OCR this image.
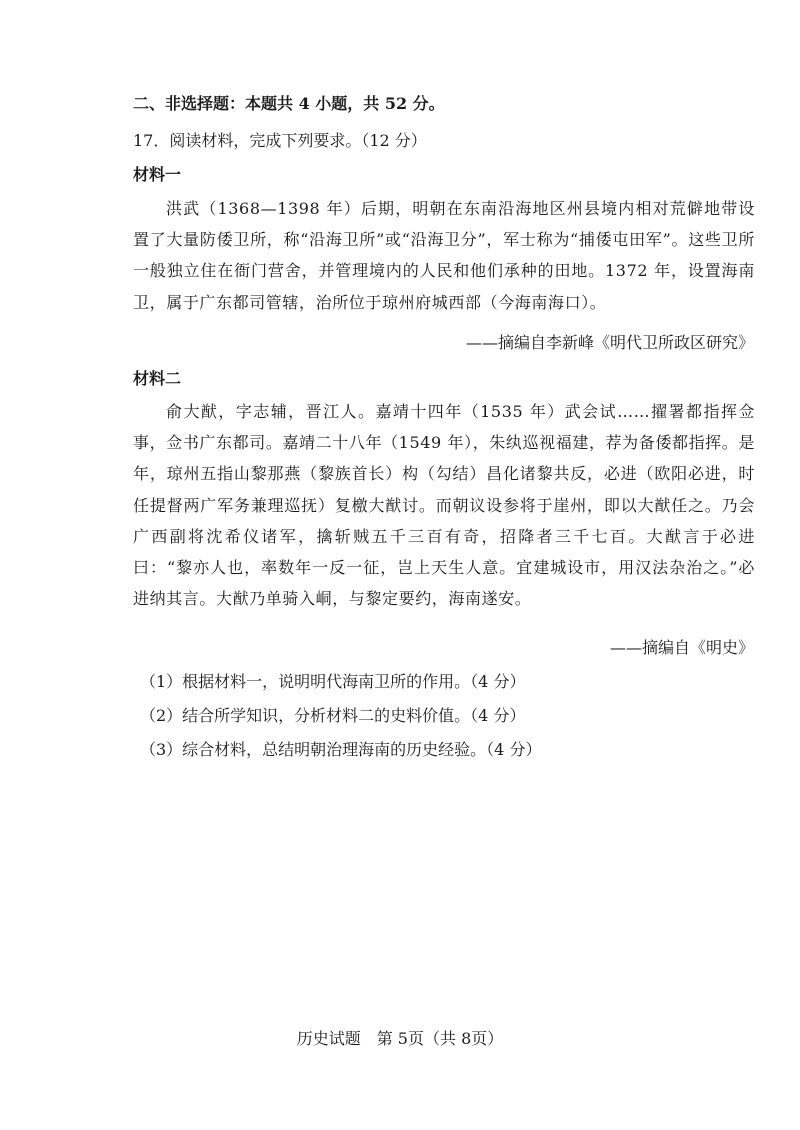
二、非选择题：本题共 4 小题，共 52 分。
17．阅读材料，完成下列要求。（12 分）
材料一
洪武（1368—1398 年）后期，明朝在东南沿海地区州县境内相对荒僻地带设置了大量防倭卫所，称“沿海卫所”或“沿海卫分”，军士称为“捕倭屯田军”。这些卫所一般独立住在衙门营舍，并管理境内的人民和他们承种的田地。1372 年，设置海南卫，属于广东都司管辖，治所位于琼州府城西部（今海南海口）。
——摘编自李新峰《明代卫所政区研究》
材料二
俞大猷，字志辅，晋江人。嘉靖十四年（1535 年）武会试……擢署都指挥佥事，佥书广东都司。嘉靖二十八年（1549 年），朱纨巡视福建，荐为备倭都指挥。是年，琼州五指山黎那燕（黎族首长）构（勾结）昌化诸黎共反，必进（欧阳必进，时任提督两广军务兼理巡抚）复檄大猷讨。而朝议设参将于崖州，即以大猷任之。乃会广西副将沈希仪诸军，擒斩贼五千三百有奇，招降者三千七百。大猷言于必进曰：“黎亦人也，率数年一反一征，岂上天生人意。宜建城设市，用汉法杂治之。”必进纳其言。大猷乃单骑入峒，与黎定要约，海南遂安。
——摘编自《明史》
（1）根据材料一，说明明代海南卫所的作用。（4 分）
（2）结合所学知识，分析材料二的史料价值。（4 分）
（3）综合材料，总结明朝治理海南的历史经验。（4 分）
历史试题　第 5页（共 8页）
